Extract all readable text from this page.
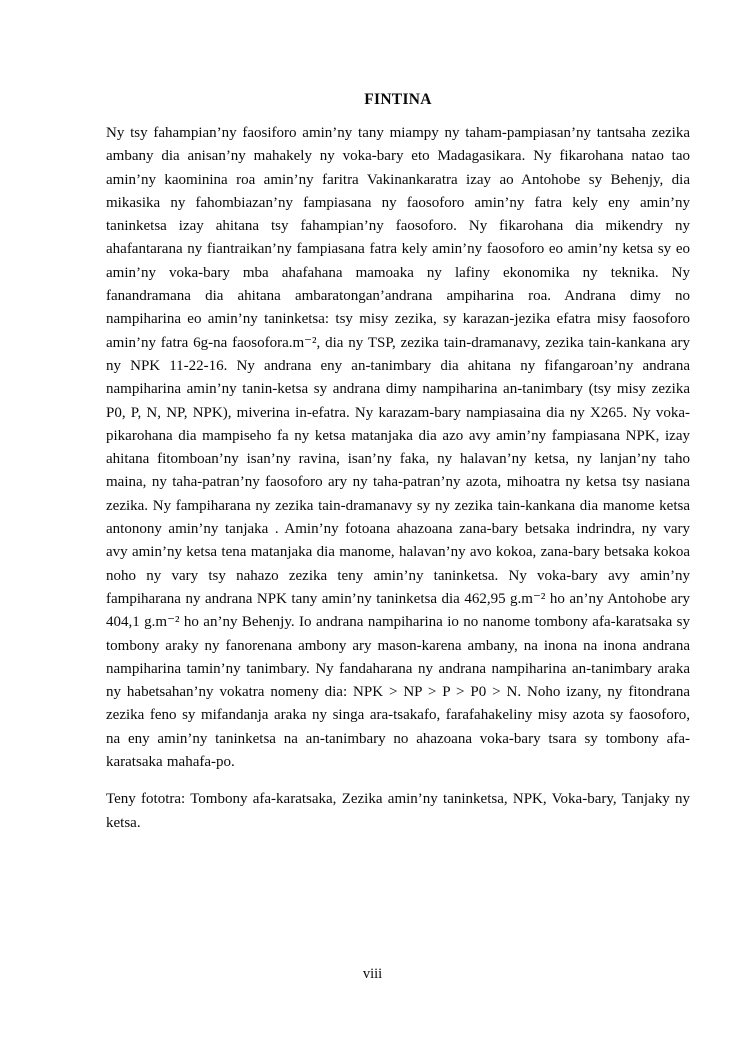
FINTINA

Ny tsy fahampian’ny faosiforo amin’ny tany miampy ny taham-pampiasan’ny tantsaha zezika ambany dia anisan’ny mahakely ny voka-bary eto Madagasikara. Ny fikarohana natao tao amin’ny kaominina roa amin’ny faritra Vakinankaratra izay ao Antohobe sy Behenjy, dia mikasika ny fahombiazan’ny fampiasana ny faosoforo amin’ny fatra kely eny amin’ny taninketsa izay ahitana tsy fahampian’ny faosoforo. Ny fikarohana dia mikendry ny ahafantarana ny fiantraikan’ny fampiasana fatra kely amin’ny faosoforo eo amin’ny ketsa sy eo amin’ny voka-bary mba ahafahana mamoaka ny lafiny ekonomika ny teknika. Ny fanandramana dia ahitana ambaratongan’andrana ampiharina roa. Andrana dimy no nampiharina eo amin’ny taninketsa: tsy misy zezika, sy karazan-jezika efatra misy faosoforo amin’ny fatra 6g-na faosofora.m⁻², dia ny TSP, zezika tain-dramanavy, zezika tain-kankana ary ny NPK 11-22-16. Ny andrana eny an-tanimbary dia ahitana ny fifangaroan’ny andrana nampiharina amin’ny tanin-ketsa sy andrana dimy nampiharina an-tanimbary (tsy misy zezika P0, P, N, NP, NPK), miverina in-efatra. Ny karazam-bary nampiasaina dia ny X265. Ny voka-pikarohana dia mampiseho fa ny ketsa matanjaka dia azo avy amin’ny fampiasana NPK, izay ahitana fitomboan’ny isan’ny ravina, isan’ny faka, ny halavan’ny ketsa, ny lanjan’ny taho maina, ny taha-patran’ny faosoforo ary ny taha-patran’ny azota, mihoatra ny ketsa tsy nasiana zezika. Ny fampiharana ny zezika tain-dramanavy sy ny zezika tain-kankana dia manome ketsa antonony amin’ny tanjaka . Amin’ny fotoana ahazoana zana-bary betsaka indrindra, ny vary avy amin’ny ketsa tena matanjaka dia manome, halavan’ny avo kokoa, zana-bary betsaka kokoa noho ny vary tsy nahazo zezika teny amin’ny taninketsa. Ny voka-bary avy amin’ny fampiharana ny andrana NPK tany amin’ny taninketsa dia 462,95 g.m⁻² ho an’ny Antohobe ary 404,1 g.m⁻² ho an’ny Behenjy. Io andrana nampiharina io no nanome tombony afa-karatsaka sy tombony araky ny fanorenana ambony ary mason-karena ambany, na inona na inona andrana nampiharina tamin’ny tanimbary. Ny fandaharana ny andrana nampiharina an-tanimbary araka ny habetsahan’ny vokatra nomeny dia: NPK > NP > P > P0 > N. Noho izany, ny fitondrana zezika feno sy mifandanja araka ny singa ara-tsakafo, farafahakeliny misy azota sy faosoforo, na eny amin’ny taninketsa na an-tanimbary no ahazoana voka-bary tsara sy tombony afa-karatsaka mahafa-po.

Teny fototra: Tombony afa-karatsaka, Zezika amin’ny taninketsa, NPK, Voka-bary, Tanjaky ny ketsa.

viii
